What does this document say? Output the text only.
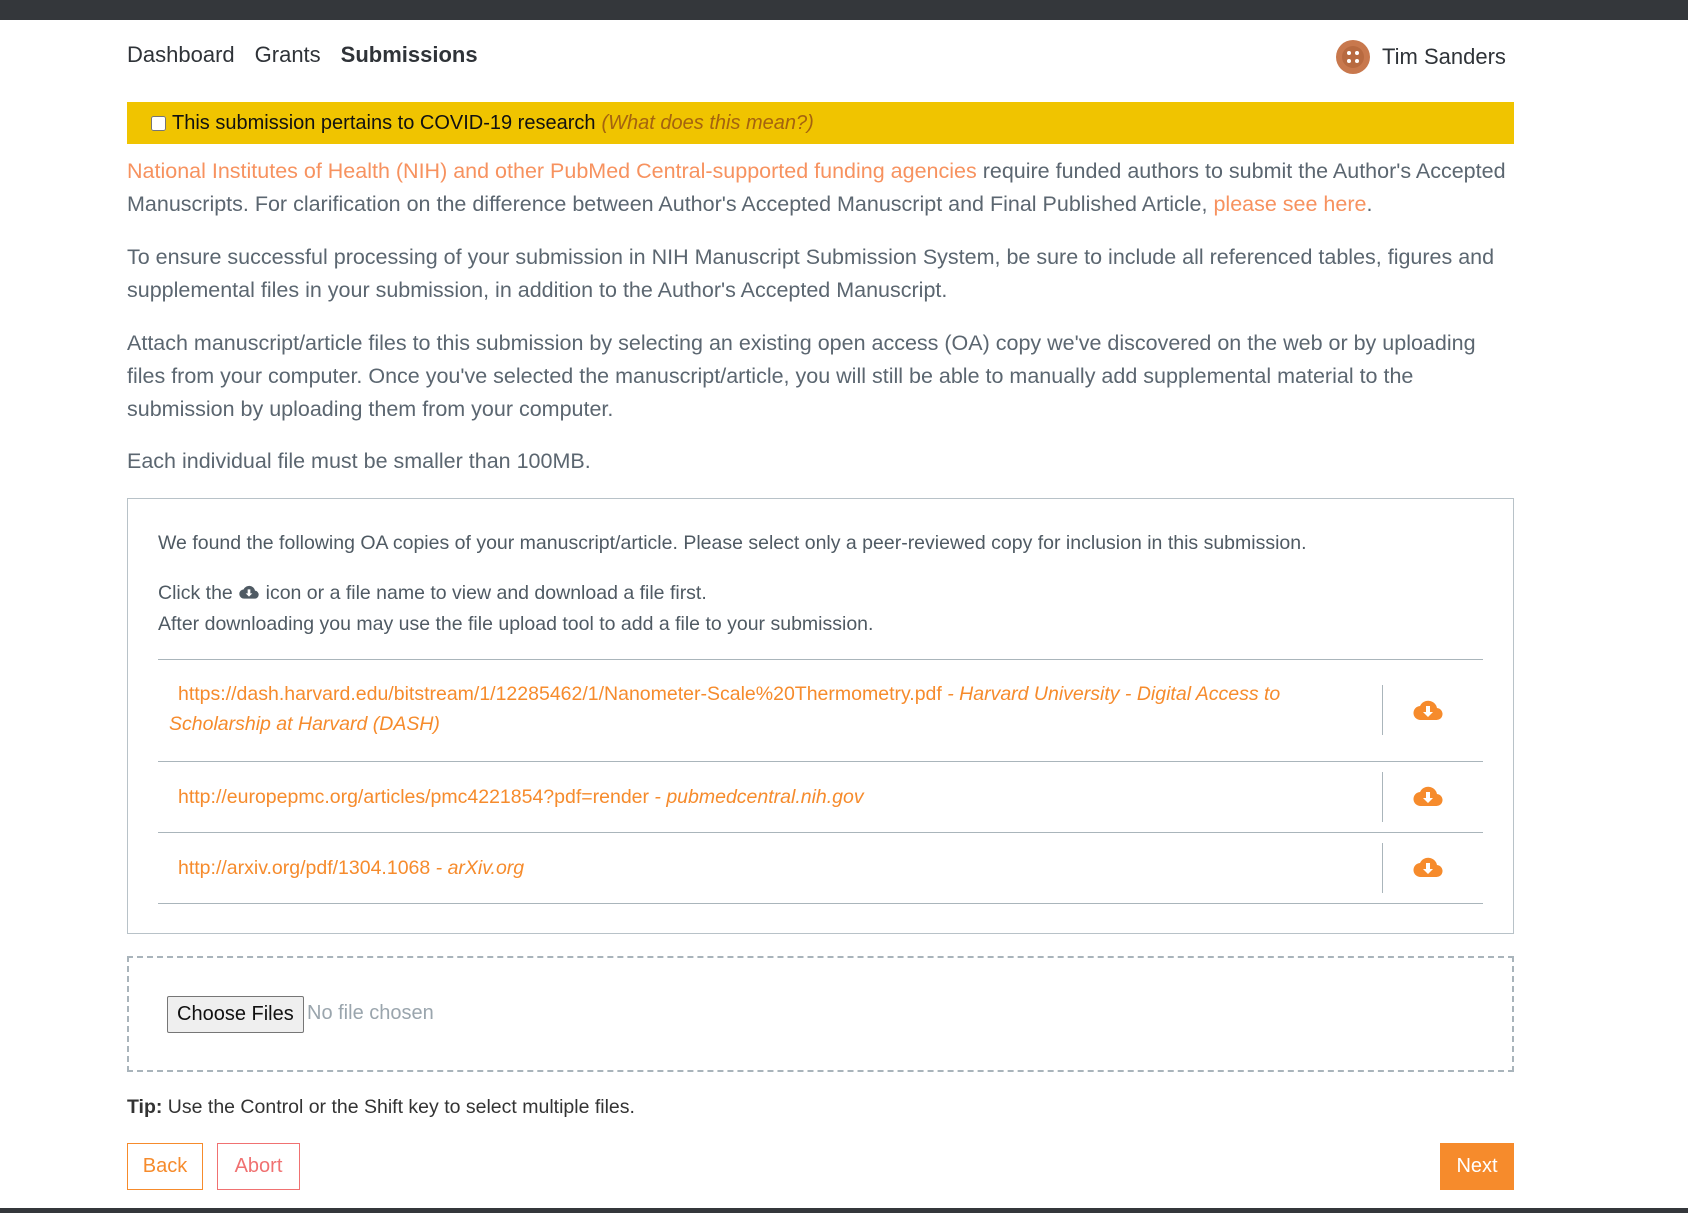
Dashboard Grants Submissions	Tim Sanders
This submission pertains to COVID-19 research (What does this mean?)
National Institutes of Health (NIH) and other PubMed Central-supported funding agencies require funded authors to submit the Author's Accepted Manuscripts. For clarification on the difference between Author's Accepted Manuscript and Final Published Article, please see here.
To ensure successful processing of your submission in NIH Manuscript Submission System, be sure to include all referenced tables, figures and supplemental files in your submission, in addition to the Author's Accepted Manuscript.
Attach manuscript/article files to this submission by selecting an existing open access (OA) copy we've discovered on the web or by uploading files from your computer. Once you've selected the manuscript/article, you will still be able to manually add supplemental material to the submission by uploading them from your computer.
Each individual file must be smaller than 100MB.
We found the following OA copies of your manuscript/article. Please select only a peer-reviewed copy for inclusion in this submission.
Click the  icon or a file name to view and download a file first.
After downloading you may use the file upload tool to add a file to your submission.
https://dash.harvard.edu/bitstream/1/12285462/1/Nanometer-Scale%20Thermometry.pdf - Harvard University - Digital Access to Scholarship at Harvard (DASH)
http://europepmc.org/articles/pmc4221854?pdf=render - pubmedcentral.nih.gov
http://arxiv.org/pdf/1304.1068 - arXiv.org
Choose Files No file chosen
Tip: Use the Control or the Shift key to select multiple files.
Back	Abort	Next
